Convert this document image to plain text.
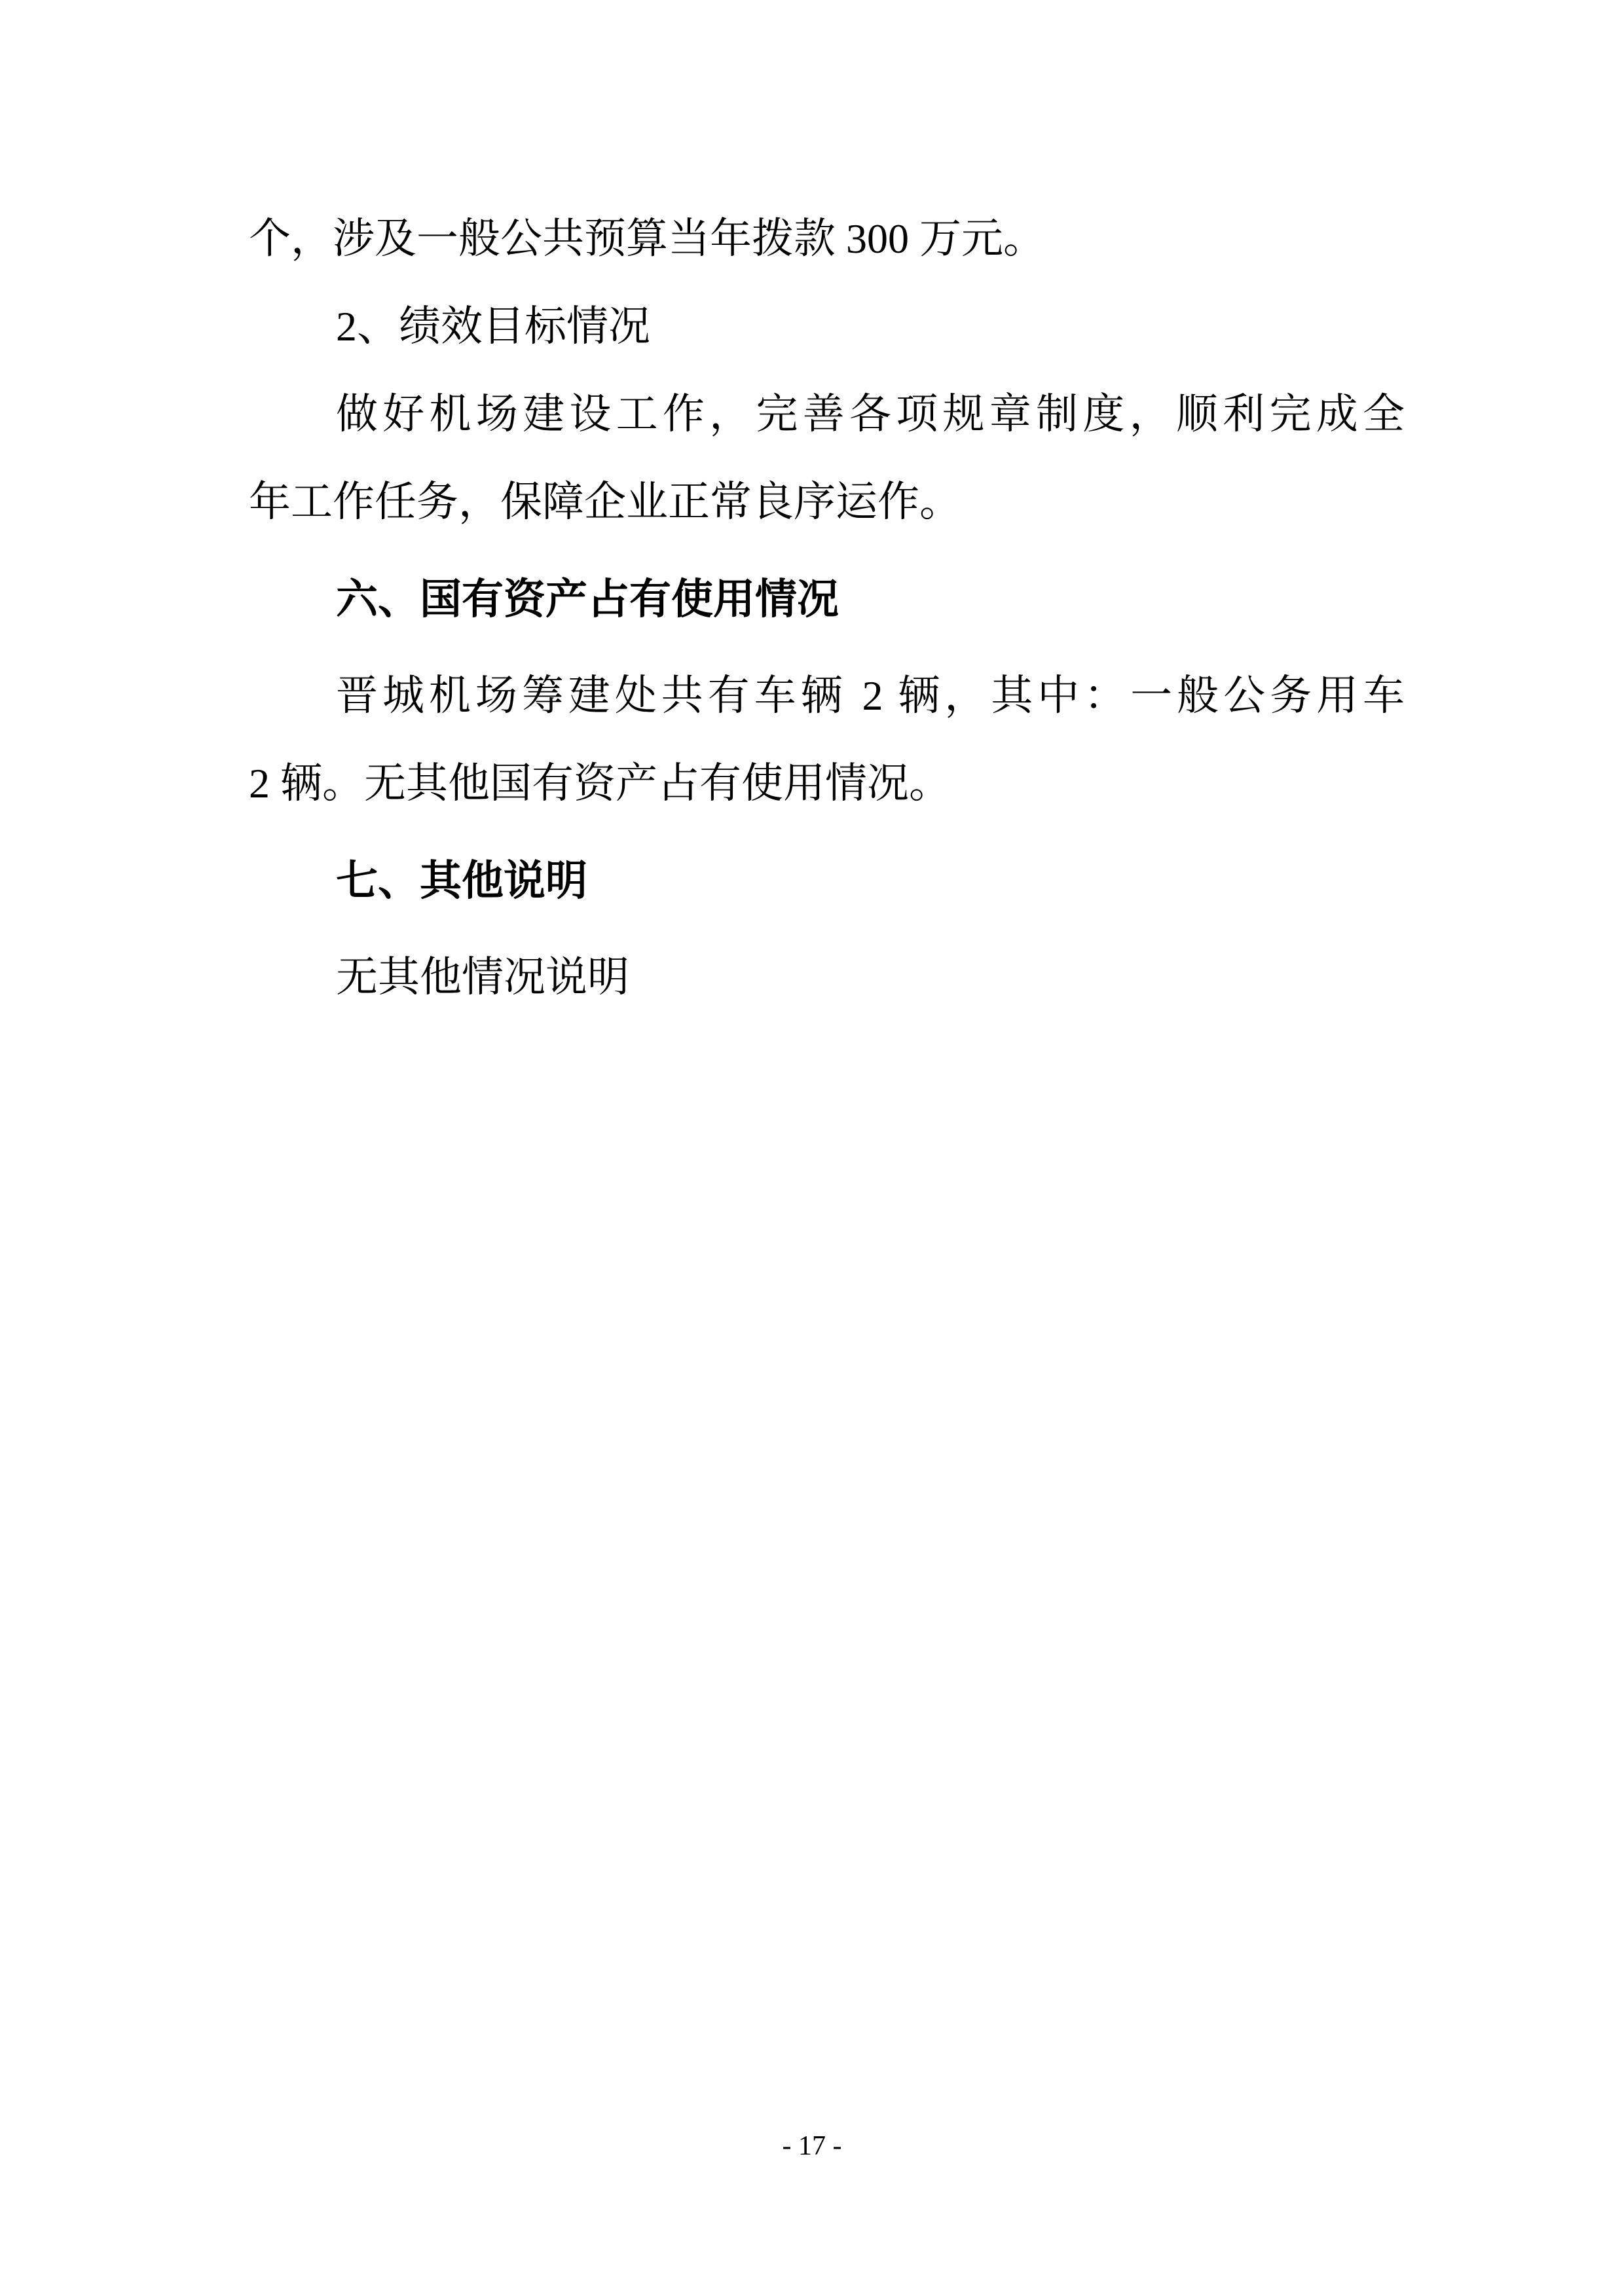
个，涉及一般公共预算当年拨款 300 万元。

2、绩效目标情况

做好机场建设工作，完善各项规章制度，顺利完成全

年工作任务，保障企业正常良序运作。

六、国有资产占有使用情况

晋城机场筹建处共有车辆 2 辆，其中：一般公务用车

2 辆。无其他国有资产占有使用情况。

七、其他说明

无其他情况说明

- 17 -
